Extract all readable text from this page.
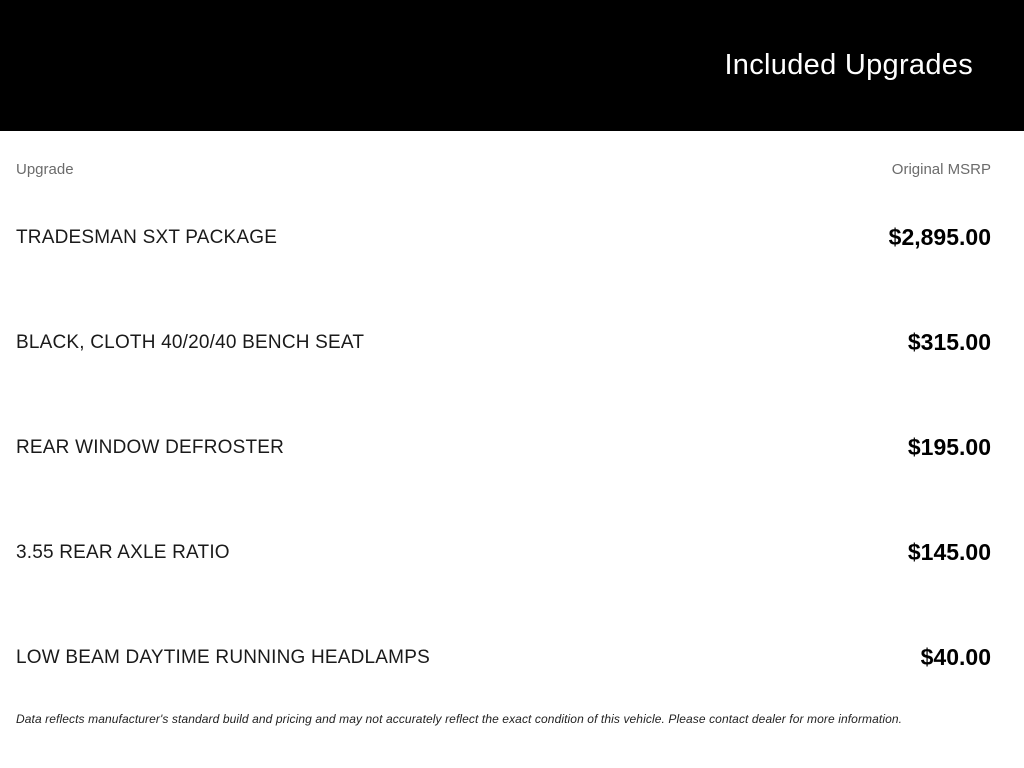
Included Upgrades
Upgrade	Original MSRP
TRADESMAN SXT PACKAGE	$2,895.00
BLACK, CLOTH 40/20/40 BENCH SEAT	$315.00
REAR WINDOW DEFROSTER	$195.00
3.55 REAR AXLE RATIO	$145.00
LOW BEAM DAYTIME RUNNING HEADLAMPS	$40.00

Data reflects manufacturer's standard build and pricing and may not accurately reflect the exact condition of this vehicle. Please contact dealer for more information.
